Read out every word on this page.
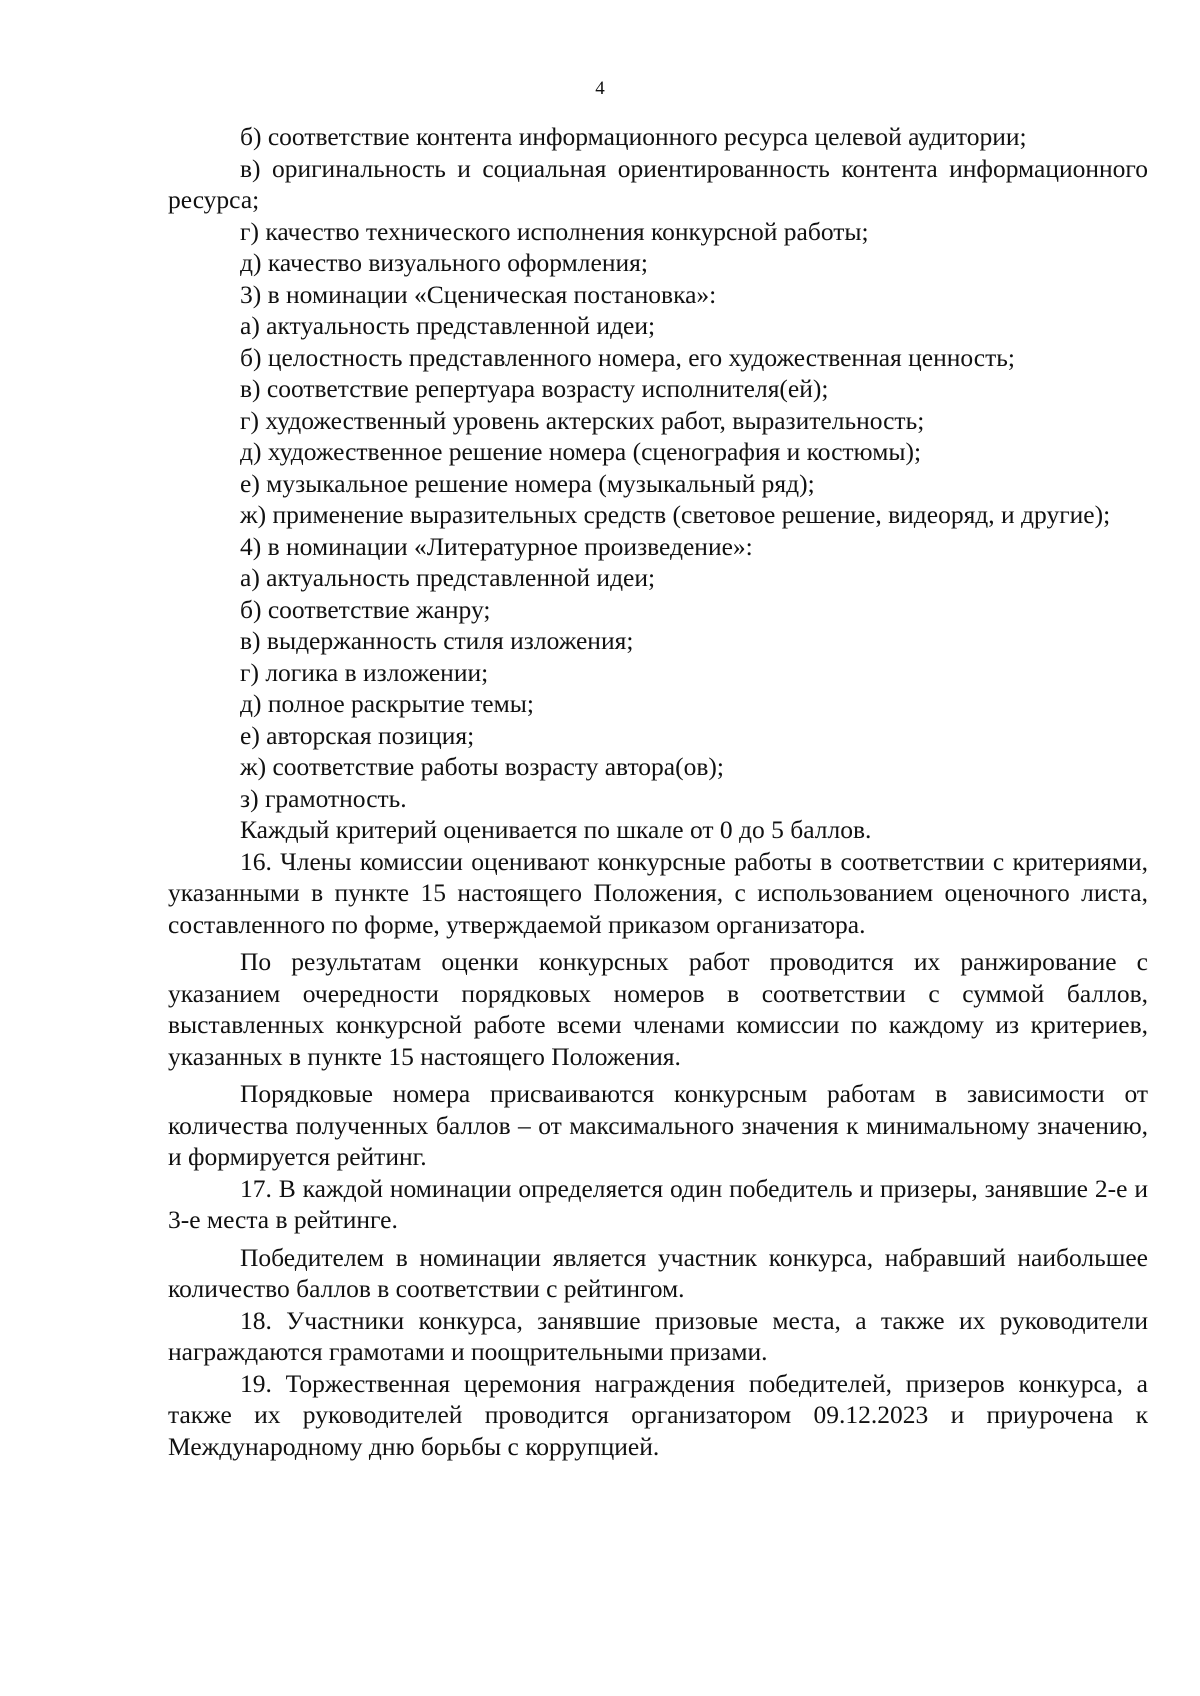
4

б) соответствие контента информационного ресурса целевой аудитории;

в) оригинальность и социальная ориентированность контента информационного ресурса;

г) качество технического исполнения конкурсной работы;

д) качество визуального оформления;

3) в номинации «Сценическая постановка»:

а) актуальность представленной идеи;

б) целостность представленного номера, его художественная ценность;

в) соответствие репертуара возрасту исполнителя(ей);

г) художественный уровень актерских работ, выразительность;

д) художественное решение номера (сценография и костюмы);

е) музыкальное решение номера (музыкальный ряд);

ж) применение выразительных средств (световое решение, видеоряд, и другие);

4) в номинации «Литературное произведение»:

а) актуальность представленной идеи;

б) соответствие жанру;

в) выдержанность стиля изложения;

г) логика в изложении;

д) полное раскрытие темы;

е) авторская позиция;

ж) соответствие работы возрасту автора(ов);

з) грамотность.

Каждый критерий оценивается по шкале от 0 до 5 баллов.

16. Члены комиссии оценивают конкурсные работы в соответствии с критериями, указанными в пункте 15 настоящего Положения, с использованием оценочного листа, составленного по форме, утверждаемой приказом организатора.

По результатам оценки конкурсных работ проводится их ранжирование с указанием очередности порядковых номеров в соответствии с суммой баллов, выставленных конкурсной работе всеми членами комиссии по каждому из критериев, указанных в пункте 15 настоящего Положения.

Порядковые номера присваиваются конкурсным работам в зависимости от количества полученных баллов – от максимального значения к минимальному значению, и формируется рейтинг.

17. В каждой номинации определяется один победитель и призеры, занявшие 2-е и 3-е места в рейтинге.

Победителем в номинации является участник конкурса, набравший наибольшее количество баллов в соответствии с рейтингом.

18. Участники конкурса, занявшие призовые места, а также их руководители награждаются грамотами и поощрительными призами.

19. Торжественная церемония награждения победителей, призеров конкурса, а также их руководителей проводится организатором 09.12.2023 и приурочена к Международному дню борьбы с коррупцией.
